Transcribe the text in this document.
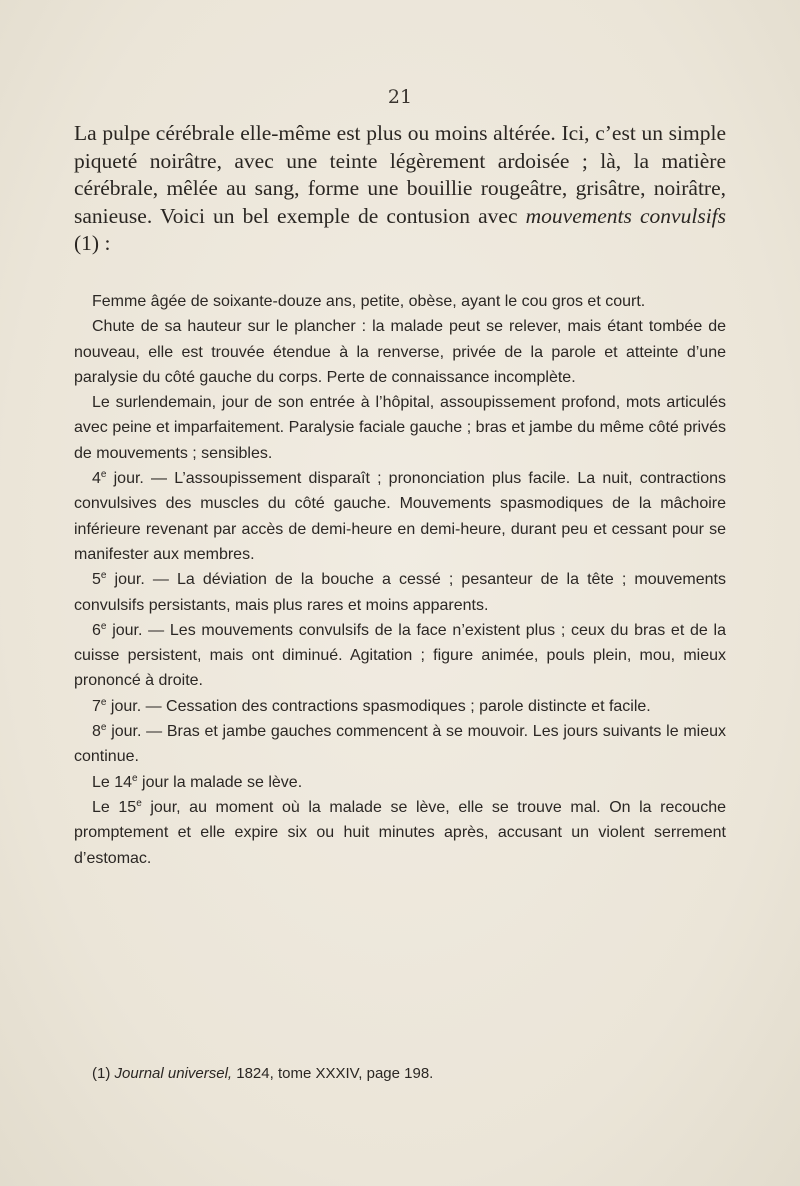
21

La pulpe cérébrale elle-même est plus ou moins altérée. Ici, c’est un simple piqueté noirâtre, avec une teinte légèrement ardoisée ; là, la matière cérébrale, mêlée au sang, forme une bouillie rougeâtre, grisâtre, noirâtre, sanieuse. Voici un bel exemple de contusion avec mouvements convulsifs (1) :

Femme âgée de soixante-douze ans, petite, obèse, ayant le cou gros et court.

Chute de sa hauteur sur le plancher : la malade peut se relever, mais étant tombée de nouveau, elle est trouvée étendue à la renverse, privée de la parole et atteinte d’une paralysie du côté gauche du corps. Perte de connaissance incomplète.

Le surlendemain, jour de son entrée à l’hôpital, assoupissement profond, mots articulés avec peine et imparfaitement. Paralysie faciale gauche ; bras et jambe du même côté privés de mouvements ; sensibles.

4e jour. — L’assoupissement disparaît ; prononciation plus facile. La nuit, contractions convulsives des muscles du côté gauche. Mouvements spasmodiques de la mâchoire inférieure revenant par accès de demi-heure en demi-heure, durant peu et cessant pour se manifester aux membres.

5e jour. — La déviation de la bouche a cessé ; pesanteur de la tête ; mouvements convulsifs persistants, mais plus rares et moins apparents.

6e jour. — Les mouvements convulsifs de la face n’existent plus ; ceux du bras et de la cuisse persistent, mais ont diminué. Agitation ; figure animée, pouls plein, mou, mieux prononcé à droite.

7e jour. — Cessation des contractions spasmodiques ; parole distincte et facile.

8e jour. — Bras et jambe gauches commencent à se mouvoir. Les jours suivants le mieux continue.

Le 14e jour la malade se lève.

Le 15e jour, au moment où la malade se lève, elle se trouve mal. On la recouche promptement et elle expire six ou huit minutes après, accusant un violent serrement d’estomac.

(1) Journal universel, 1824, tome XXXIV, page 198.
